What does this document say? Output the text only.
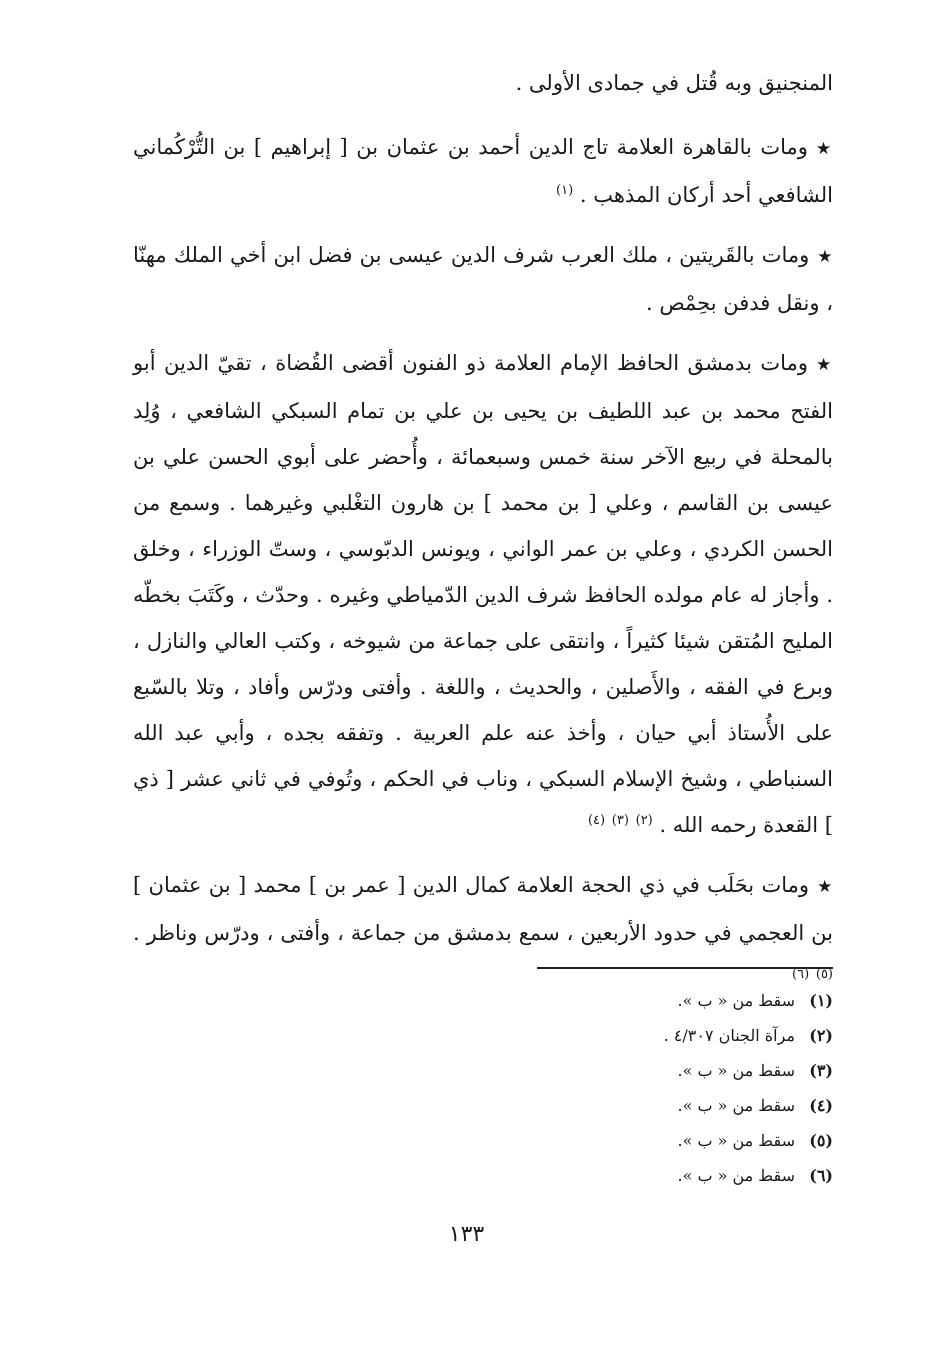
المنجنيق وبه قُتل في جمادى الأولى .

★ومات بالقاهرة العلامة تاج الدين أحمد بن عثمان بن [ إبراهيم ] بن التُّرْكُماني الشافعي أحد أركان المذهب . $^{(١)}$

★ومات بالقَريتين ، ملك العرب شرف الدين عيسى بن فضل ابن أخي الملك مهنّا ، ونقل فدفن بحِمْص .

★ومات بدمشق الحافظ الإمام العلامة ذو الفنون أقضى القُضاة ، تقيّ الدين أبو الفتح محمد بن عبد اللطيف بن يحيى بن علي بن تمام السبكي الشافعي ، وُلِد بالمحلة في ربيع الآخر سنة خمس وسبعمائة ، وأُحضر على أبوي الحسن علي بن عيسى بن القاسم ، وعلي [ بن محمد ] بن هارون التغْلبي وغيرهما . وسمع من الحسن الكردي ، وعلي بن عمر الواني ، ويونس الدبّوسي ، وستّ الوزراء ، وخلق . وأجاز له عام مولده الحافظ شرف الدين الدّمياطي وغيره . وحدّث ، وكَتَبَ بخطّه المليح المُتقن شيئا كثيراً ، وانتقى على جماعة من شيوخه ، وكتب العالي والنازل ، وبرع في الفقه ، والأَصلين ، والحديث ، واللغة . وأفتى ودرّس وأفاد ، وتلا بالسّبع على الأُستاذ أبي حيان ، وأخذ عنه علم العربية . وتفقه بجده ، وأبي عبد الله السنباطي ، وشيخ الإسلام السبكي ، وناب في الحكم ، وتُوفي في ثاني عشر [ ذي ] القعدة رحمه الله . $^{(٢)}$ $^{(٣)}$ $^{(٤)}$

★ومات بحَلَب في ذي الحجة العلامة كمال الدين [ عمر بن ] محمد [ بن عثمان ] بن العجمي في حدود الأربعين ، سمع بدمشق من جماعة ، وأفتى ، ودرّس وناظر . $^{(٥)}$ $^{(٦)}$

(١)سقط من « ب ».
(٢)مرآة الجنان ٤/٣٠٧ .
(٣)سقط من « ب ».
(٤)سقط من « ب ».
(٥)سقط من « ب ».
(٦)سقط من « ب ».
١٣٣
